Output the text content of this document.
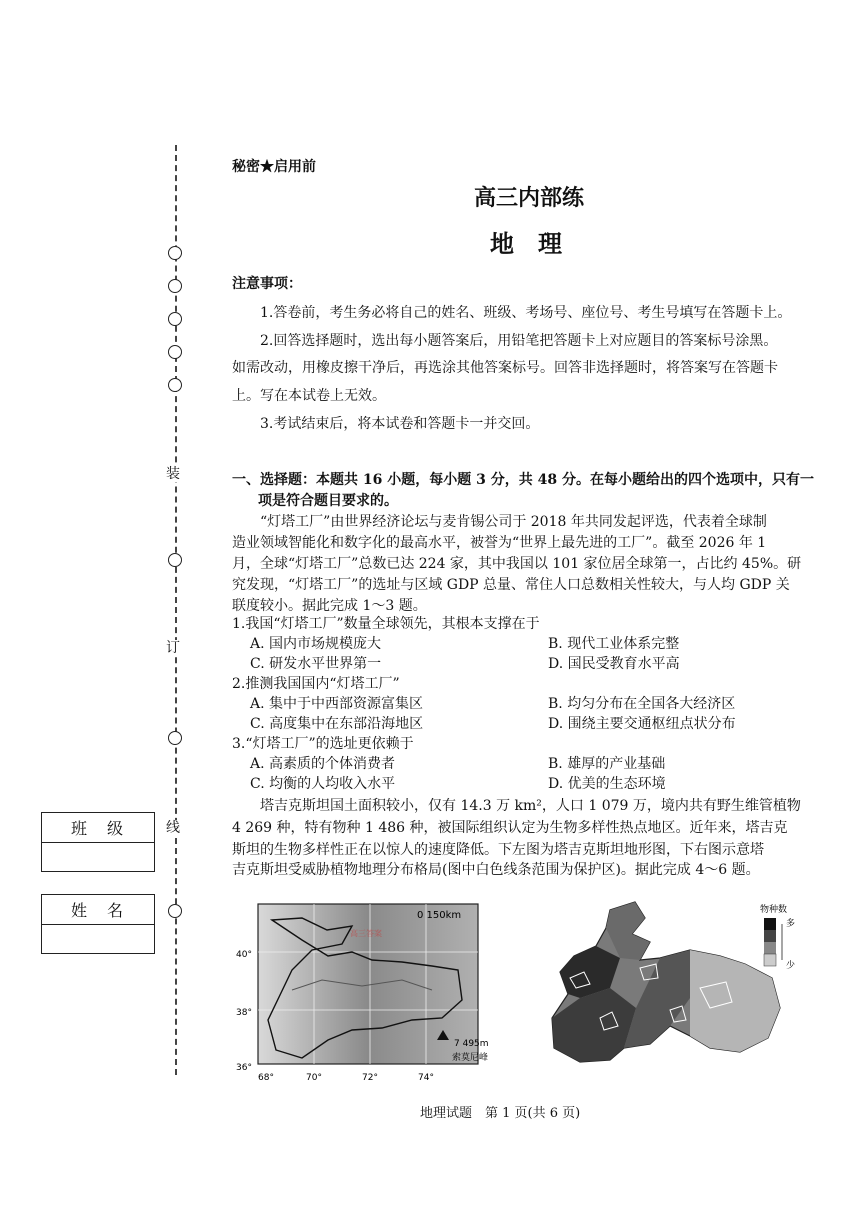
装
订
线
班级
姓名
秘密★启用前
高三内部练
地　理
注意事项：
1.答卷前，考生务必将自己的姓名、班级、考场号、座位号、考生号填写在答题卡上。
2.回答选择题时，选出每小题答案后，用铅笔把答题卡上对应题目的答案标号涂黑。
如需改动，用橡皮擦干净后，再选涂其他答案标号。回答非选择题时，将答案写在答题卡
上。写在本试卷上无效。
3.考试结束后，将本试卷和答题卡一并交回。
一、选择题：本题共 16 小题，每小题 3 分，共 48 分。在每小题给出的四个选项中，只有一
项是符合题目要求的。
“灯塔工厂”由世界经济论坛与麦肯锡公司于 2018 年共同发起评选，代表着全球制
造业领域智能化和数字化的最高水平，被誉为“世界上最先进的工厂”。截至 2026 年 1
月，全球“灯塔工厂”总数已达 224 家，其中我国以 101 家位居全球第一，占比约 45%。研
究发现，“灯塔工厂”的选址与区域 GDP 总量、常住人口总数相关性较大，与人均 GDP 关
联度较小。据此完成 1～3 题。
1.我国“灯塔工厂”数量全球领先，其根本支撑在于
A. 国内市场规模庞大	B. 现代工业体系完整
C. 研发水平世界第一	D. 国民受教育水平高
2.推测我国国内“灯塔工厂”
A. 集中于中西部资源富集区	B. 均匀分布在全国各大经济区
C. 高度集中在东部沿海地区	D. 围绕主要交通枢纽点状分布
3.“灯塔工厂”的选址更依赖于
A. 高素质的个体消费者	B. 雄厚的产业基础
C. 均衡的人均收入水平	D. 优美的生态环境
塔吉克斯坦国土面积较小，仅有 14.3 万 km²，人口 1 079 万，境内共有野生维管植物
4 269 种，特有物种 1 486 种，被国际组织认定为生物多样性热点地区。近年来，塔吉克
斯坦的生物多样性正在以惊人的速度降低。下左图为塔吉克斯坦地形图，下右图示意塔
吉克斯坦受威胁植物地理分布格局(图中白色线条范围为保护区)。据此完成 4～6 题。
0 150km
高三答案
40°
38°
36°
68°	70°	72°	74°
7 495m
索莫尼峰
物种数
多
少
地理试题　第 1 页(共 6 页)
